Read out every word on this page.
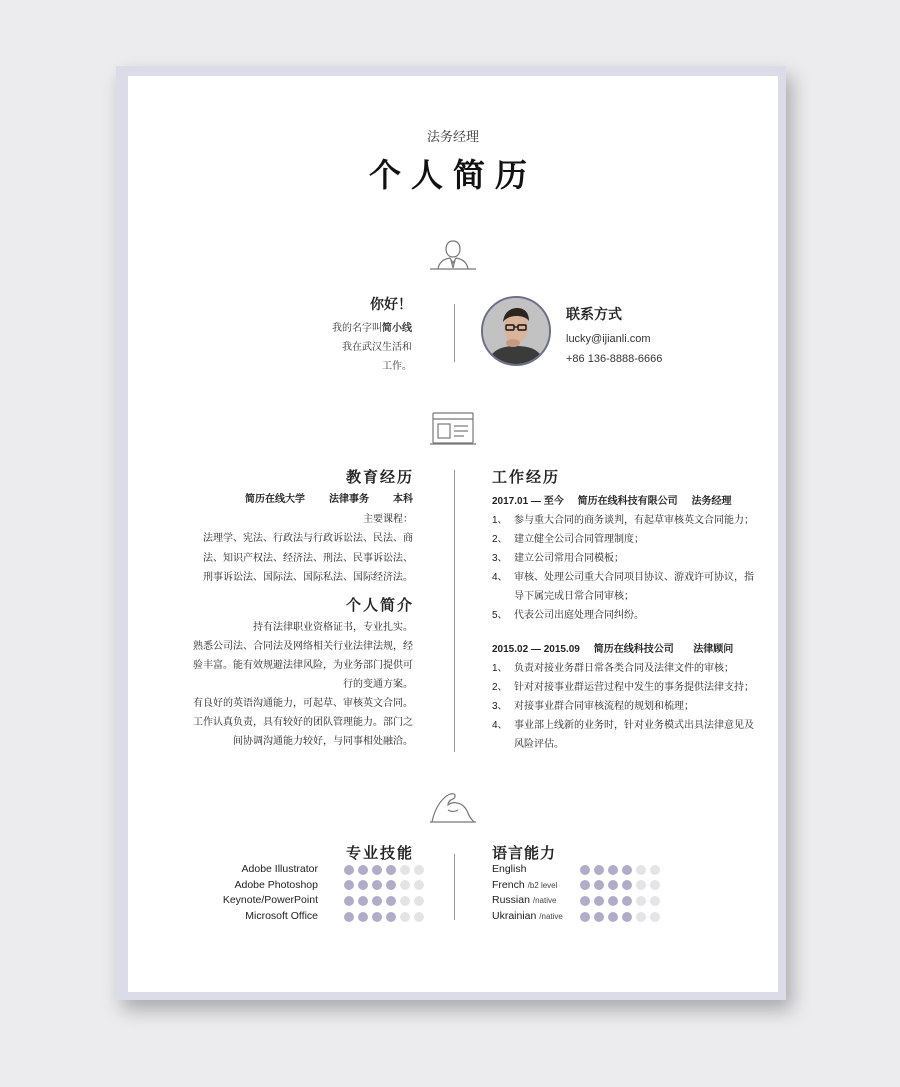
法务经理
个人简历
你好！
我的名字叫简小线
我在武汉生活和
工作。
联系方式
lucky@ijianli.com
+86 136-8888-6666
教育经历
简历在线大学 法律事务 本科
主要课程：
法理学、宪法、行政法与行政诉讼法、民法、商
法、知识产权法、经济法、刑法、民事诉讼法、
刑事诉讼法、国际法、国际私法、国际经济法。
个人简介
持有法律职业资格证书，专业扎实。
熟悉公司法、合同法及网络相关行业法律法规，经
验丰富。能有效规避法律风险，为业务部门提供可
行的变通方案。
有良好的英语沟通能力，可起草、审核英文合同。
工作认真负责，具有较好的团队管理能力。部门之
间协调沟通能力较好，与同事相处融洽。
工作经历
2017.01 — 至今 简历在线科技有限公司 法务经理
1、 参与重大合同的商务谈判，有起草审核英文合同能力；
2、 建立健全公司合同管理制度；
3、 建立公司常用合同模板；
4、 审核、处理公司重大合同项目协议、游戏许可协议，指导下属完成日常合同审核；
5、 代表公司出庭处理合同纠纷。
2015.02 — 2015.09 简历在线科技公司 法律顾问
1、 负责对接业务群日常各类合同及法律文件的审核；
2、 针对对接事业群运营过程中发生的事务提供法律支持；
3、 对接事业群合同审核流程的规划和梳理；
4、 事业部上线新的业务时，针对业务模式出具法律意见及风险评估。
专业技能
Adobe Illustrator
Adobe Photoshop
Keynote/PowerPoint
Microsoft Office
语言能力
English
French /b2 level
Russian /native
Ukrainian /native
